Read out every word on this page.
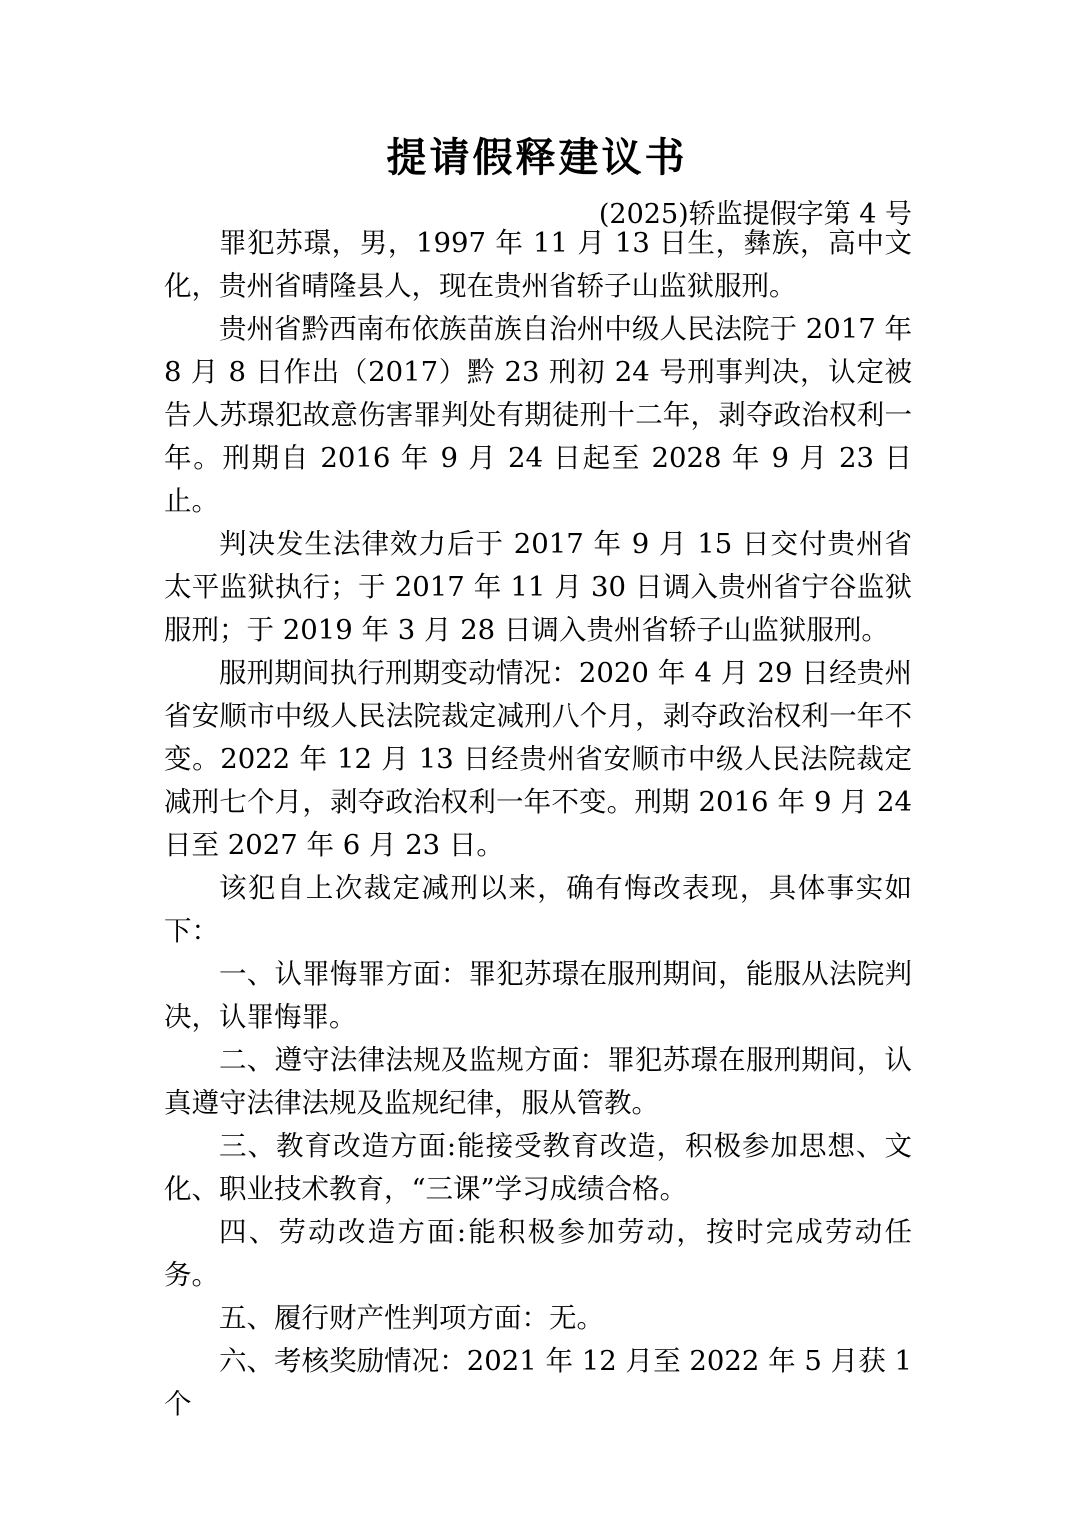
提请假释建议书
(2025)轿监提假字第 4 号

罪犯苏璟，男，1997 年 11 月 13 日生，彝族，高中文化，贵州省晴隆县人，现在贵州省轿子山监狱服刑。

贵州省黔西南布依族苗族自治州中级人民法院于 2017 年 8 月 8 日作出（2017）黔 23 刑初 24 号刑事判决，认定被告人苏璟犯故意伤害罪判处有期徒刑十二年，剥夺政治权利一年。刑期自 2016 年 9 月 24 日起至 2028 年 9 月 23 日止。

判决发生法律效力后于 2017 年 9 月 15 日交付贵州省太平监狱执行；于 2017 年 11 月 30 日调入贵州省宁谷监狱服刑；于 2019 年 3 月 28 日调入贵州省轿子山监狱服刑。

服刑期间执行刑期变动情况：2020 年 4 月 29 日经贵州省安顺市中级人民法院裁定减刑八个月，剥夺政治权利一年不变。2022 年 12 月 13 日经贵州省安顺市中级人民法院裁定减刑七个月，剥夺政治权利一年不变。刑期 2016 年 9 月 24 日至 2027 年 6 月 23 日。

该犯自上次裁定减刑以来，确有悔改表现，具体事实如下：

一、认罪悔罪方面：罪犯苏璟在服刑期间，能服从法院判决，认罪悔罪。

二、遵守法律法规及监规方面：罪犯苏璟在服刑期间，认真遵守法律法规及监规纪律，服从管教。

三、教育改造方面:能接受教育改造，积极参加思想、文化、职业技术教育，“三课”学习成绩合格。

四、劳动改造方面:能积极参加劳动，按时完成劳动任务。

五、履行财产性判项方面：无。

六、考核奖励情况：2021 年 12 月至 2022 年 5 月获 1 个
